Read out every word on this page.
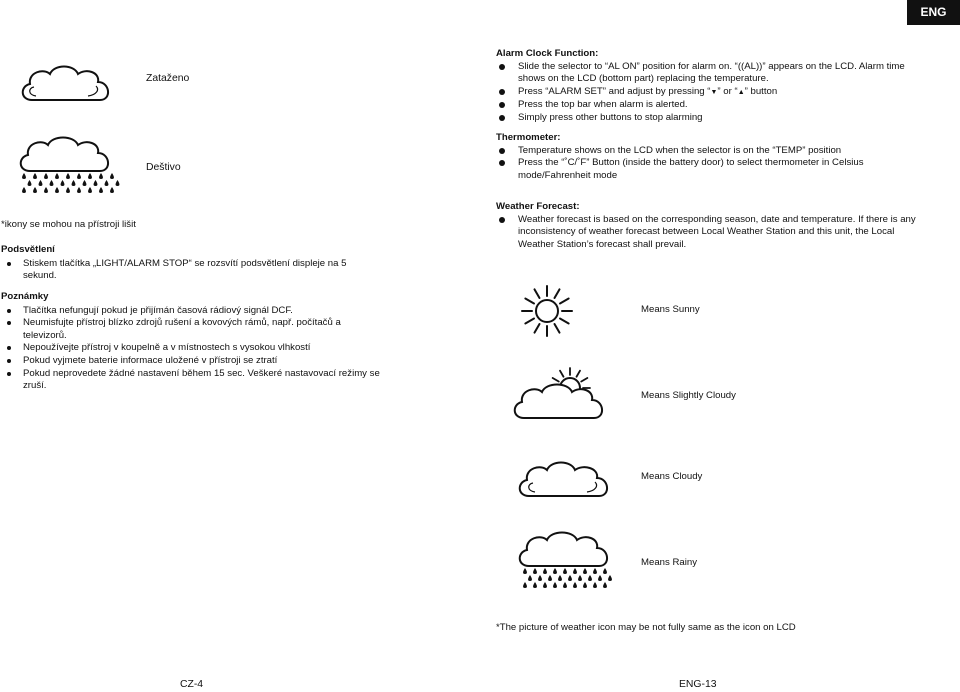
ENG
Zataženo
Deštivo
*ikony se mohou na přístroji lišit
Podsvětlení
Stiskem tlačítka „LIGHT/ALARM STOP“ se rozsvítí podsvětlení displeje na 5 sekund.
Poznámky
Tlačítka nefungují pokud je přijímán časová rádiový signál DCF.
Neumisfujte přístroj blízko zdrojů rušení a kovových rámů, např. počítačů a televizorů.
Nepoužívejte přístroj v koupelně a v místnostech s vysokou vlhkostí
Pokud vyjmete baterie informace uložené v přístroji se ztratí
Pokud neprovedete žádné nastavení během 15 sec. Veškeré nastavovací režimy se zruší.
CZ-4
Alarm Clock Function:
Slide the selector to “AL ON” position for alarm on. “((AL))” appears on the LCD. Alarm time shows on the LCD (bottom part) replacing the temperature.
Press “ALARM SET” and adjust by pressing “▼” or “▲” button
Press the top bar when alarm is alerted.
Simply press other buttons to stop alarming
Thermometer:
Temperature shows on the LCD when the selector is on the “TEMP” position
Press the “˚C/˚F” Button (inside the battery door) to select thermometer in Celsius mode/Fahrenheit mode
Weather Forecast:
Weather forecast is based on the corresponding season, date and temperature. If there is any inconsistency of weather forecast between Local Weather Station and this unit, the Local Weather Station’s forecast shall prevail.
Means Sunny
Means Slightly Cloudy
Means Cloudy
Means Rainy
*The picture of weather icon may be not fully same as the icon on LCD
ENG-13
